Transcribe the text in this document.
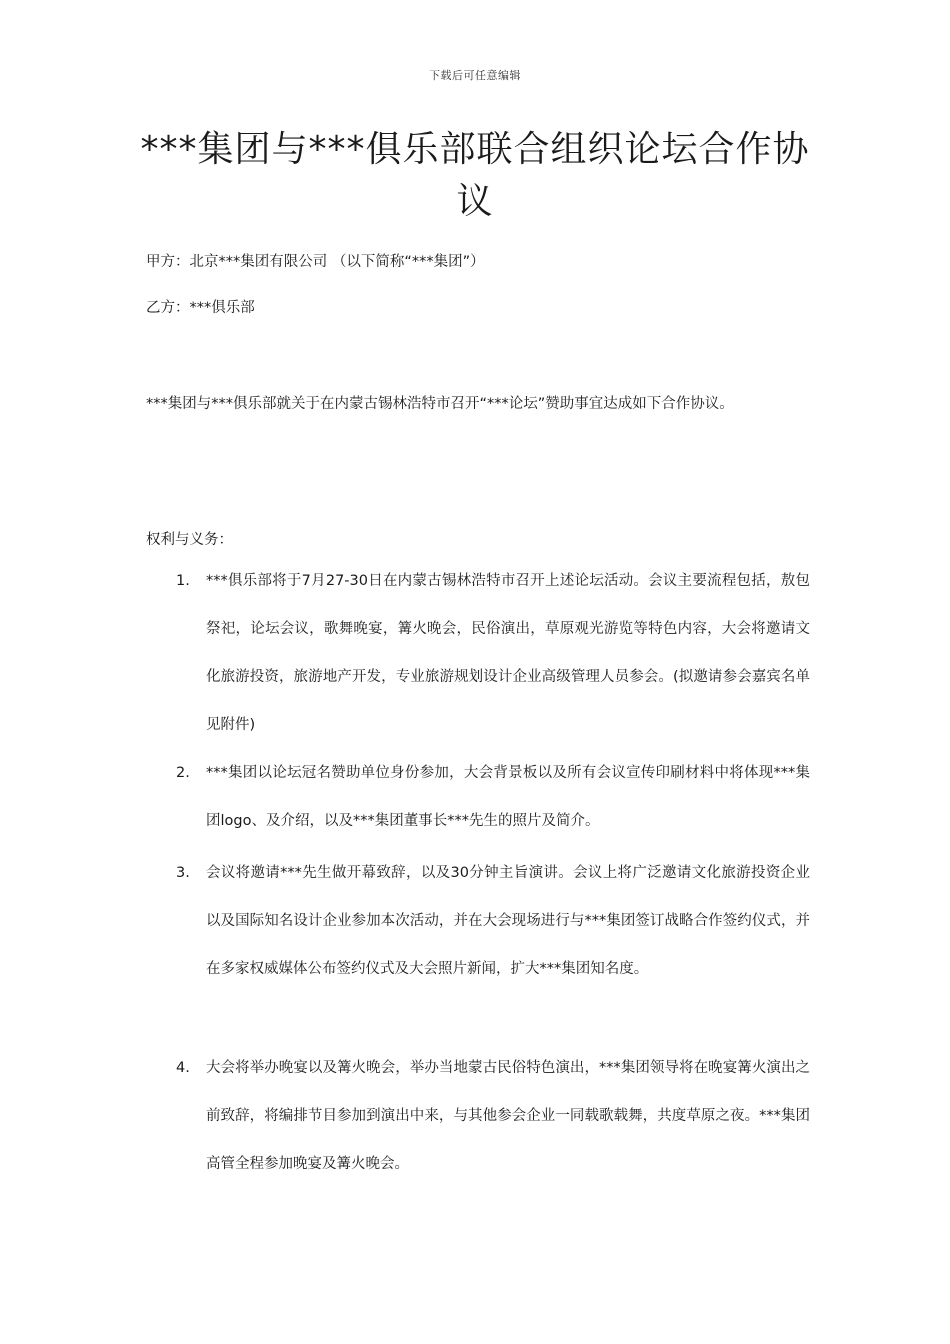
下载后可任意编辑
***集团与***俱乐部联合组织论坛合作协议
甲方：北京***集团有限公司 （以下简称“***集团”）
乙方：***俱乐部

***集团与***俱乐部就关于在内蒙古锡林浩特市召开“***论坛”赞助事宜达成如下合作协议。

权利与义务：
1.	***俱乐部将于7月27-30日在内蒙古锡林浩特市召开上述论坛活动。会议主要流程包括，敖包祭祀，论坛会议，歌舞晚宴，篝火晚会，民俗演出，草原观光游览等特色内容，大会将邀请文化旅游投资，旅游地产开发，专业旅游规划设计企业高级管理人员参会。(拟邀请参会嘉宾名单见附件)

2.	***集团以论坛冠名赞助单位身份参加，大会背景板以及所有会议宣传印刷材料中将体现***集团logo、及介绍，以及***集团董事长***先生的照片及简介。

3.	会议将邀请***先生做开幕致辞，以及30分钟主旨演讲。会议上将广泛邀请文化旅游投资企业以及国际知名设计企业参加本次活动，并在大会现场进行与***集团签订战略合作签约仪式，并在多家权威媒体公布签约仪式及大会照片新闻，扩大***集团知名度。

4.	大会将举办晚宴以及篝火晚会，举办当地蒙古民俗特色演出，***集团领导将在晚宴篝火演出之前致辞，将编排节目参加到演出中来，与其他参会企业一同载歌载舞，共度草原之夜。***集团高管全程参加晚宴及篝火晚会。
